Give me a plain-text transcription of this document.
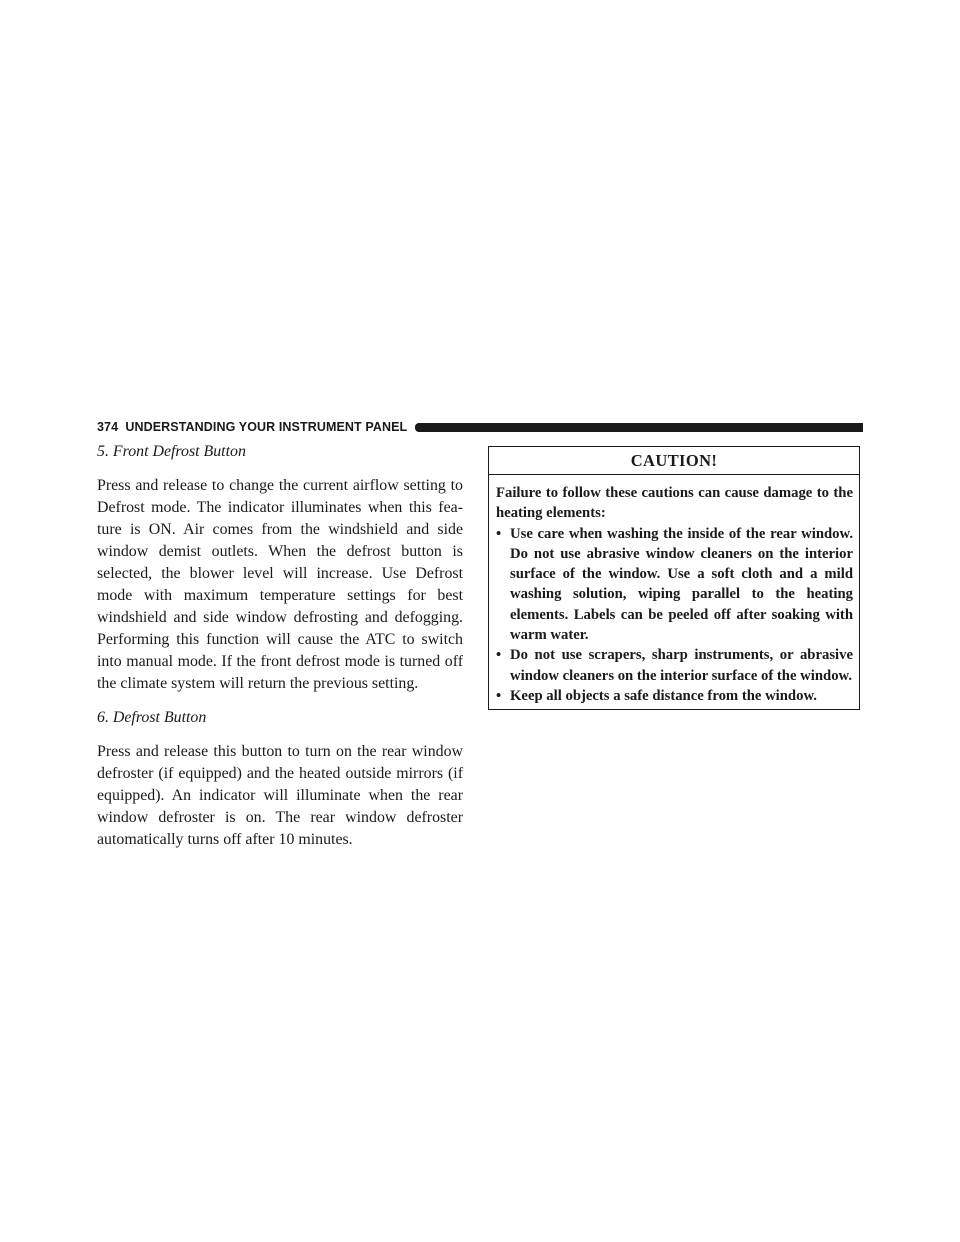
374 UNDERSTANDING YOUR INSTRUMENT PANEL
5. Front Defrost Button

Press and release to change the current airflow setting to Defrost mode. The indicator illuminates when this feature is ON. Air comes from the windshield and side window demist outlets. When the defrost button is selected, the blower level will increase. Use Defrost mode with maximum temperature settings for best windshield and side window defrosting and defogging. Performing this function will cause the ATC to switch into manual mode. If the front defrost mode is turned off the climate system will return the previous setting.

6. Defrost Button

Press and release this button to turn on the rear window defroster (if equipped) and the heated outside mirrors (if equipped). An indicator will illuminate when the rear window defroster is on. The rear window defroster automatically turns off after 10 minutes.

CAUTION!

Failure to follow these cautions can cause damage to the heating elements:

• Use care when washing the inside of the rear window. Do not use abrasive window cleaners on the interior surface of the window. Use a soft cloth and a mild washing solution, wiping parallel to the heating elements. Labels can be peeled off after soaking with warm water.
• Do not use scrapers, sharp instruments, or abrasive window cleaners on the interior surface of the window.
• Keep all objects a safe distance from the window.
